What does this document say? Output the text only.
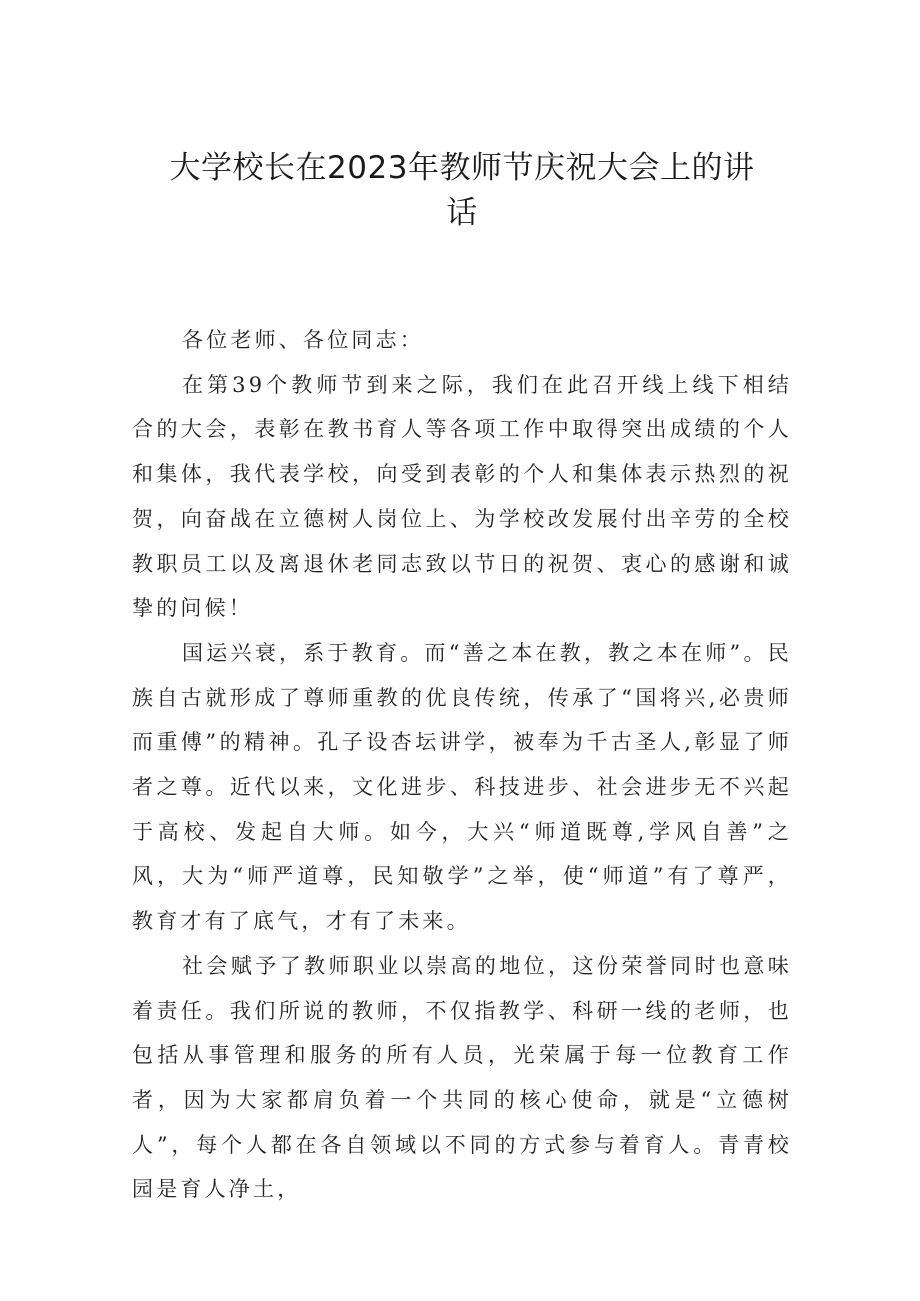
大学校长在2023年教师节庆祝大会上的讲
话

各位老师、各位同志：

在第39个教师节到来之际，我们在此召开线上线下相结合的大会，表彰在教书育人等各项工作中取得突出成绩的个人和集体，我代表学校，向受到表彰的个人和集体表示热烈的祝贺，向奋战在立德树人岗位上、为学校改发展付出辛劳的全校教职员工以及离退休老同志致以节日的祝贺、衷心的感谢和诚挚的问候！

国运兴衰，系于教育。而“善之本在教，教之本在师”。民族自古就形成了尊师重教的优良传统，传承了“国将兴,必贵师而重傅”的精神。孔子设杏坛讲学，被奉为千古圣人,彰显了师者之尊。近代以来，文化进步、科技进步、社会进步无不兴起于高校、发起自大师。如今，大兴“师道既尊,学风自善”之风，大为“师严道尊，民知敬学”之举，使“师道”有了尊严，教育才有了底气，才有了未来。

社会赋予了教师职业以崇高的地位，这份荣誉同时也意味着责任。我们所说的教师，不仅指教学、科研一线的老师，也包括从事管理和服务的所有人员，光荣属于每一位教育工作者，因为大家都肩负着一个共同的核心使命，就是“立德树人”，每个人都在各自领域以不同的方式参与着育人。青青校园是育人净土，
